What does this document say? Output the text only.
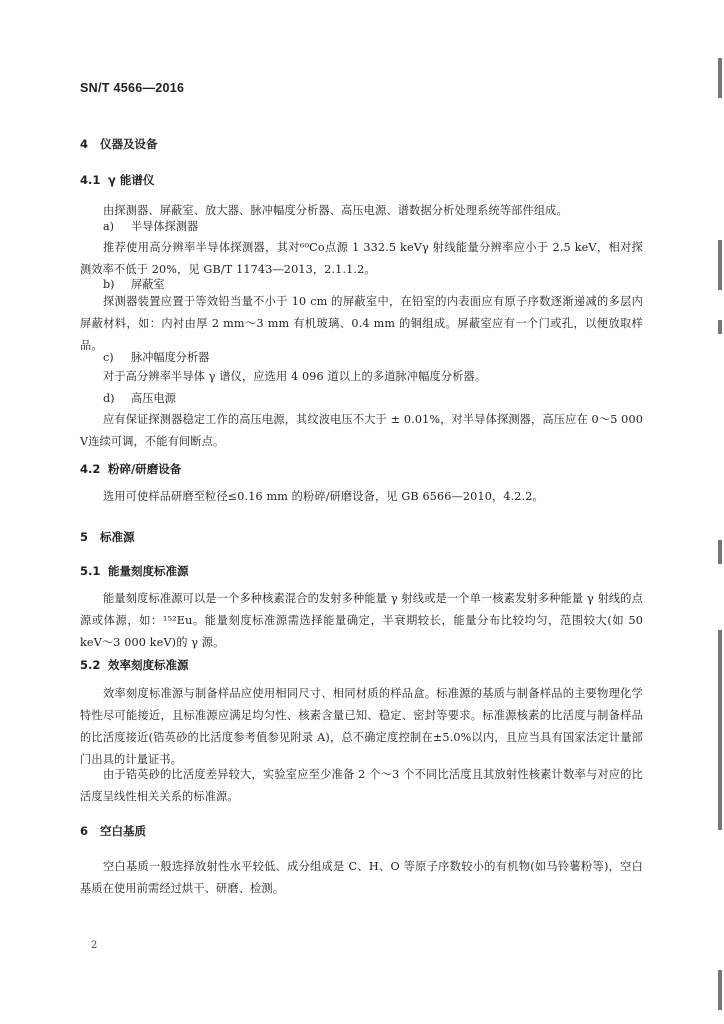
SN/T 4566—2016
4 仪器及设备
4.1 γ 能谱仪
由探测器、屏蔽室、放大器、脉冲幅度分析器、高压电源、谱数据分析处理系统等部件组成。
a) 半导体探测器
推荐使用高分辨率半导体探测器，其对⁶⁰Co点源 1 332.5 keVγ 射线能量分辨率应小于 2.5 keV，相对探测效率不低于 20%，见 GB/T 11743—2013，2.1.1.2。
b) 屏蔽室
探测器装置应置于等效铅当量不小于 10 cm 的屏蔽室中，在铅室的内表面应有原子序数逐渐递减的多层内屏蔽材料，如：内衬由厚 2 mm～3 mm 有机玻璃、0.4 mm 的铜组成。屏蔽室应有一个门或孔，以便放取样品。
c) 脉冲幅度分析器
对于高分辨率半导体 γ 谱仪，应选用 4 096 道以上的多道脉冲幅度分析器。
d) 高压电源
应有保证探测器稳定工作的高压电源，其纹波电压不大于 ± 0.01%，对半导体探测器，高压应在 0～5 000 V连续可调，不能有间断点。
4.2 粉碎/研磨设备
选用可使样品研磨至粒径≤0.16 mm 的粉碎/研磨设备，见 GB 6566—2010，4.2.2。
5 标准源
5.1 能量刻度标准源
能量刻度标准源可以是一个多种核素混合的发射多种能量 γ 射线或是一个单一核素发射多种能量 γ 射线的点源或体源，如：¹⁵²Eu。能量刻度标准源需选择能量确定，半衰期较长，能量分布比较均匀，范围较大(如 50 keV～3 000 keV)的 γ 源。
5.2 效率刻度标准源
效率刻度标准源与制备样品应使用相同尺寸、相同材质的样品盒。标准源的基质与制备样品的主要物理化学特性尽可能接近，且标准源应满足均匀性、核素含量已知、稳定、密封等要求。标准源核素的比活度与制备样品的比活度接近(锆英砂的比活度参考值参见附录 A)，总不确定度控制在±5.0%以内，且应当具有国家法定计量部门出具的计量证书。
由于锆英砂的比活度差异较大，实验室应至少准备 2 个～3 个不同比活度且其放射性核素计数率与对应的比活度呈线性相关关系的标准源。
6 空白基质
空白基质一般选择放射性水平较低、成分组成是 C、H、O 等原子序数较小的有机物(如马铃薯粉等)，空白基质在使用前需经过烘干、研磨、检测。
2
